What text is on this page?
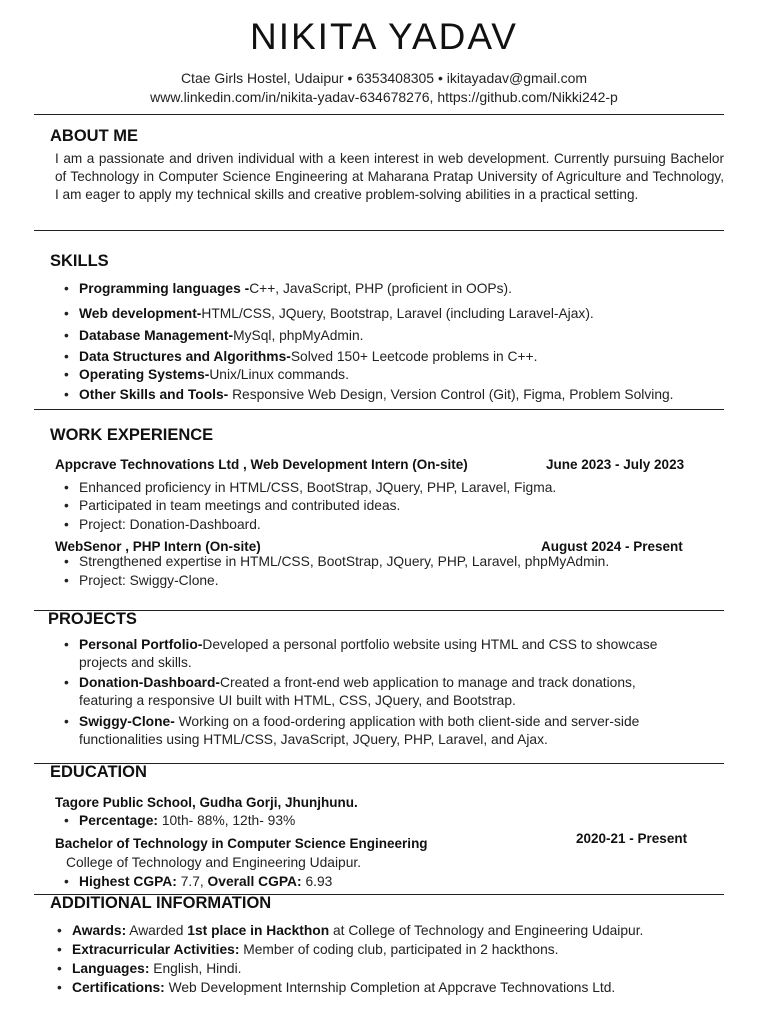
NIKITA YADAV
Ctae Girls Hostel, Udaipur • 6353408305 • ikitayadav@gmail.com
www.linkedin.com/in/nikita-yadav-634678276, https://github.com/Nikki242-p
ABOUT ME
I am a passionate and driven individual with a keen interest in web development. Currently pursuing Bachelor of Technology in Computer Science Engineering at Maharana Pratap University of Agriculture and Technology, I am eager to apply my technical skills and creative problem-solving abilities in a practical setting.
SKILLS
• Programming languages -C++, JavaScript, PHP (proficient in OOPs).
• Web development-HTML/CSS, JQuery, Bootstrap, Laravel (including Laravel-Ajax).
• Database Management-MySql, phpMyAdmin.
• Data Structures and Algorithms-Solved 150+ Leetcode problems in C++.
• Operating Systems-Unix/Linux commands.
• Other Skills and Tools- Responsive Web Design, Version Control (Git), Figma, Problem Solving.
WORK EXPERIENCE
Appcrave Technovations Ltd , Web Development Intern (On-site)	June 2023 - July 2023
• Enhanced proficiency in HTML/CSS, BootStrap, JQuery, PHP, Laravel, Figma.
• Participated in team meetings and contributed ideas.
• Project: Donation-Dashboard.
WebSenor , PHP Intern (On-site)	August 2024 - Present
• Strengthened expertise in HTML/CSS, BootStrap, JQuery, PHP, Laravel, phpMyAdmin.
• Project: Swiggy-Clone.
PROJECTS
• Personal Portfolio-Developed a personal portfolio website using HTML and CSS to showcase
projects and skills.
• Donation-Dashboard-Created a front-end web application to manage and track donations,
featuring a responsive UI built with HTML, CSS, JQuery, and Bootstrap.
• Swiggy-Clone- Working on a food-ordering application with both client-side and server-side
functionalities using HTML/CSS, JavaScript, JQuery, PHP, Laravel, and Ajax.
EDUCATION
Tagore Public School, Gudha Gorji, Jhunjhunu.
• Percentage: 10th- 88%, 12th- 93%
Bachelor of Technology in Computer Science Engineering	2020-21 - Present
College of Technology and Engineering Udaipur.
• Highest CGPA: 7.7, Overall CGPA: 6.93
ADDITIONAL INFORMATION
• Awards: Awarded 1st place in Hackthon at College of Technology and Engineering Udaipur.
• Extracurricular Activities: Member of coding club, participated in 2 hackthons.
• Languages: English, Hindi.
• Certifications: Web Development Internship Completion at Appcrave Technovations Ltd.
